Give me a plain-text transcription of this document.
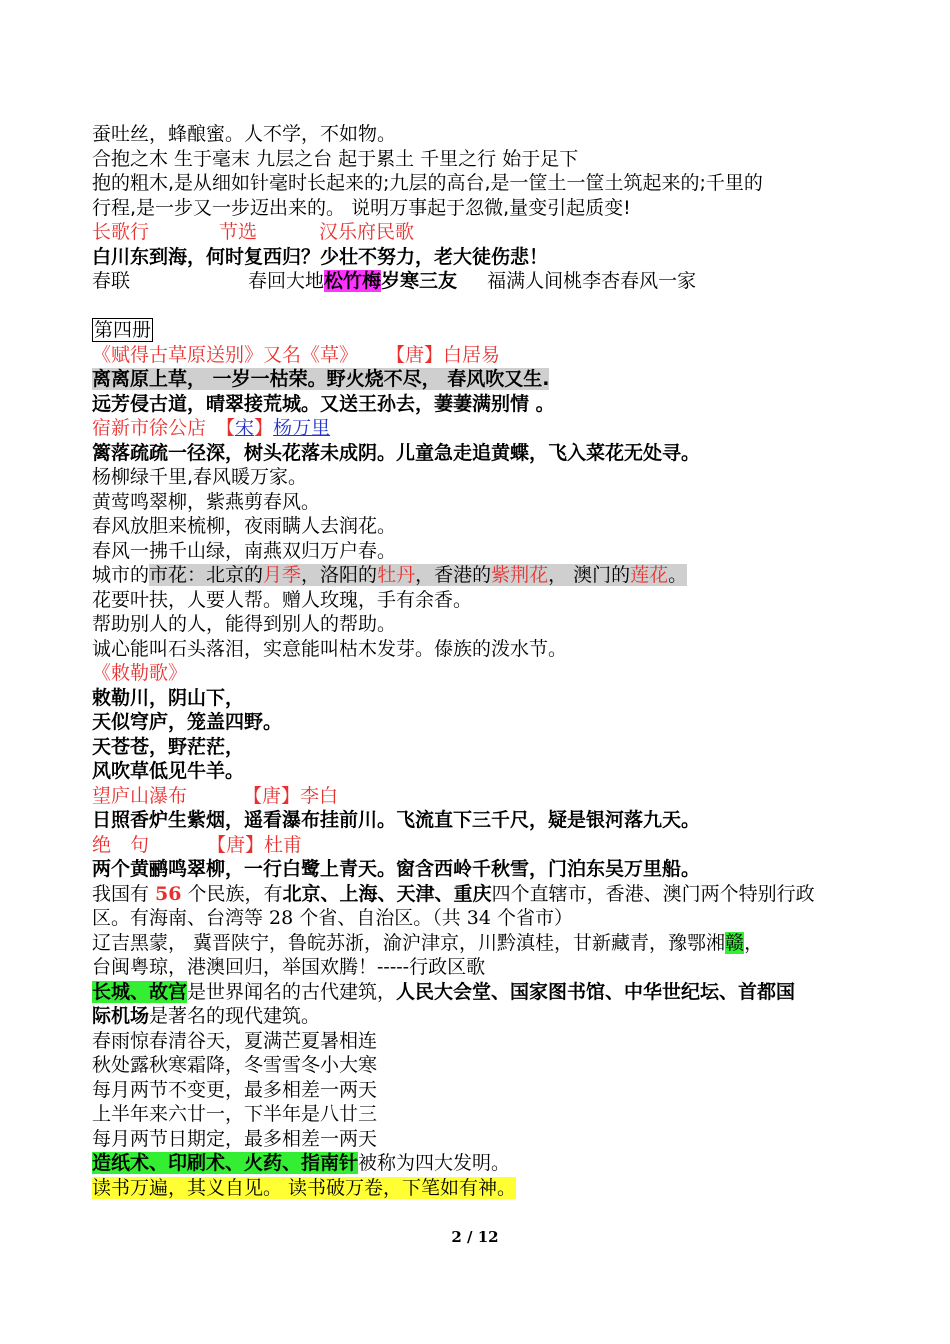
蚕吐丝，蜂酿蜜。人不学，不如物。
合抱之木 生于毫末 九层之台 起于累土 千里之行 始于足下
抱的粗木,是从细如针毫时长起来的;九层的高台,是一筐土一筐土筑起来的;千里的
行程,是一步又一步迈出来的。 说明万事起于忽微,量变引起质变!
长歌行	节选	汉乐府民歌
白川东到海，何时复西归？少壮不努力，老大徒伤悲！
春联	春回大地松竹梅岁寒三友 福满人间桃李杏春风一家
第四册
《赋得古草原送别》又名《草》 【唐】白居易
离离原上草， 一岁一枯荣。野火烧不尽， 春风吹又生.
远芳侵古道，晴翠接荒城。又送王孙去，萋萋满别情 。
宿新市徐公店 【宋】杨万里
篱落疏疏一径深，树头花落未成阴。儿童急走追黄蝶，飞入菜花无处寻。
杨柳绿千里,春风暖万家。
黄莺鸣翠柳，紫燕剪春风。
春风放胆来梳柳，夜雨瞒人去润花。
春风一拂千山绿，南燕双归万户春。
城市的市花：北京的月季，洛阳的牡丹，香港的紫荆花， 澳门的莲花。
花要叶扶，人要人帮。赠人玫瑰，手有余香。
帮助别人的人，能得到别人的帮助。
诚心能叫石头落泪，实意能叫枯木发芽。傣族的泼水节。
《敕勒歌》
敕勒川，阴山下，
天似穹庐，笼盖四野。
天苍苍，野茫茫，
风吹草低见牛羊。
望庐山瀑布	【唐】李白
日照香炉生紫烟，遥看瀑布挂前川。飞流直下三千尺，疑是银河落九天。
绝　句	【唐】杜甫
两个黄鹂鸣翠柳，一行白鹭上青天。窗含西岭千秋雪，门泊东吴万里船。
我国有 56 个民族，有北京、上海、天津、重庆四个直辖市，香港、澳门两个特别行政
区。有海南、台湾等 28 个省、自治区。（共 34 个省市）
辽吉黑蒙， 冀晋陕宁，鲁皖苏浙，渝沪津京，川黔滇桂，甘新藏青，豫鄂湘赣，
台闽粤琼，港澳回归，举国欢腾！-----行政区歌
长城、故宫是世界闻名的古代建筑，人民大会堂、国家图书馆、中华世纪坛、首都国
际机场是著名的现代建筑。
春雨惊春清谷天，夏满芒夏暑相连
秋处露秋寒霜降，冬雪雪冬小大寒
每月两节不变更，最多相差一两天
上半年来六廿一，下半年是八廿三
每月两节日期定，最多相差一两天
造纸术、印刷术、火药、指南针被称为四大发明。
读书万遍，其义自见。 读书破万卷，下笔如有神。
2 / 12
